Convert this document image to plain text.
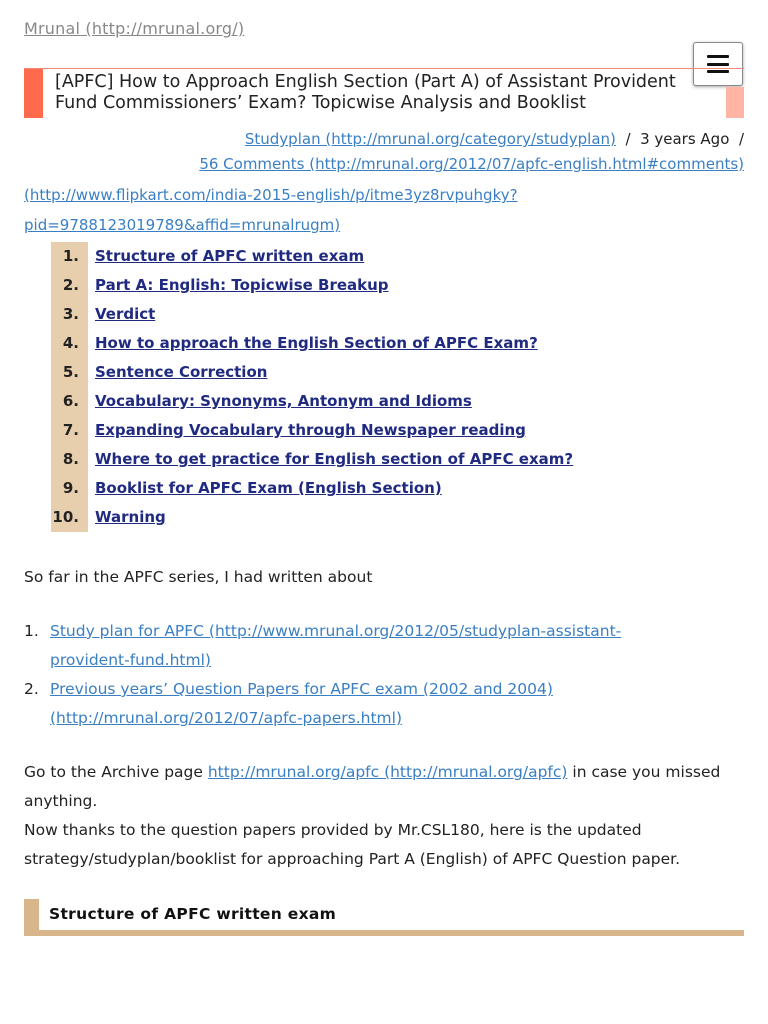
Mrunal (http://mrunal.org/)
[APFC] How to Approach English Section (Part A) of Assistant Provident Fund Commissioners’ Exam? Topicwise Analysis and Booklist
Studyplan (http://mrunal.org/category/studyplan) / 3 years Ago /
56 Comments (http://mrunal.org/2012/07/apfc-english.html#comments)
(http://www.flipkart.com/india-2015-english/p/itme3yz8rvpuhgky?pid=9788123019789&affid=mrunalrugm)
1.	Structure of APFC written exam
2.	Part A: English: Topicwise Breakup
3.	Verdict
4.	How to approach the English Section of APFC Exam?
5.	Sentence Correction
6.	Vocabulary: Synonyms, Antonym and Idioms
7.	Expanding Vocabulary through Newspaper reading
8.	Where to get practice for English section of APFC exam?
9.	Booklist for APFC Exam (English Section)
10.	Warning

So far in the APFC series, I had written about

1. Study plan for APFC (http://www.mrunal.org/2012/05/studyplan-assistant-provident-fund.html)
2. Previous years’ Question Papers for APFC exam (2002 and 2004) (http://mrunal.org/2012/07/apfc-papers.html)

Go to the Archive page http://mrunal.org/apfc (http://mrunal.org/apfc) in case you missed anything.

Now thanks to the question papers provided by Mr.CSL180, here is the updated strategy/studyplan/booklist for approaching Part A (English) of APFC Question paper.

Structure of APFC written exam
